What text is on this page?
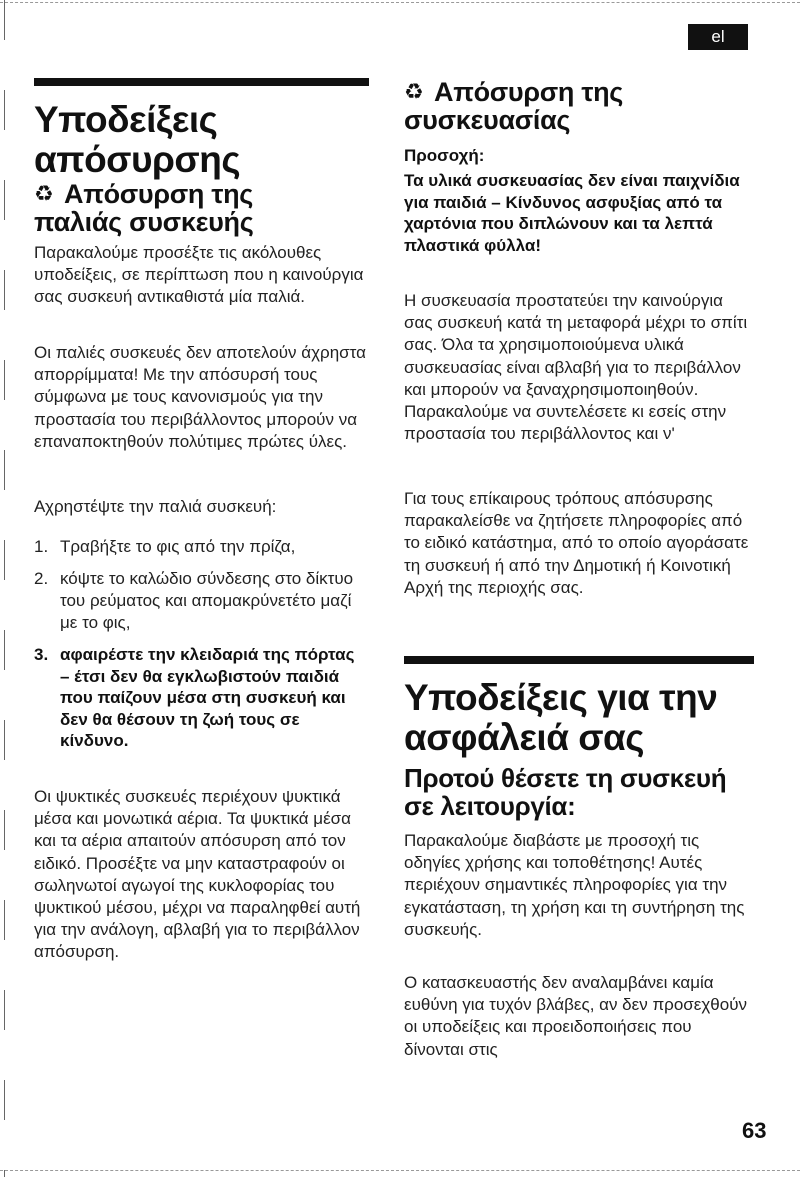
el
Υποδείξεις απόσυρσης
♻ Απόσυρση της παλιάς συσκευής

Παρακαλούμε προσέξτε τις ακόλουθες υποδείξεις, σε περίπτωση που η καινούργια σας συσκευή αντικαθιστά μία παλιά.

Οι παλιές συσκευές δεν αποτελούν άχρηστα απορρίμματα! Με την απόσυρσή τους σύμφωνα με τους κανονισμούς για την προστασία του περιβάλλοντος μπορούν να επαναποκτηθούν πολύτιμες πρώτες ύλες.

Αχρηστέψτε την παλιά συσκευή:

1. Τραβήξτε το φις από την πρίζα,
2. κόψτε το καλώδιο σύνδεσης στο δίκτυο του ρεύματος και απομακρύνετέτο μαζί με το φις,
3. αφαιρέστε την κλειδαριά της πόρτας – έτσι δεν θα εγκλωβιστούν παιδιά που παίζουν μέσα στη συσκευή και δεν θα θέσουν τη ζωή τους σε κίνδυνο.

Οι ψυκτικές συσκευές περιέχουν ψυκτικά μέσα και μονωτικά αέρια. Τα ψυκτικά μέσα και τα αέρια απαιτούν απόσυρση από τον ειδικό. Προσέξτε να μην καταστραφούν οι σωληνωτοί αγωγοί της κυκλοφορίας του ψυκτικού μέσου, μέχρι να παραληφθεί αυτή για την ανάλογη, αβλαβή για το περιβάλλον απόσυρση.

♻ Απόσυρση της συσκευασίας

Προσοχή:

Τα υλικά συσκευασίας δεν είναι παιχνίδια για παιδιά – Κίνδυνος ασφυξίας από τα χαρτόνια που διπλώνουν και τα λεπτά πλαστικά φύλλα!

Η συσκευασία προστατεύει την καινούργια σας συσκευή κατά τη μεταφορά μέχρι το σπίτι σας. Όλα τα χρησιμοποιούμενα υλικά συσκευασίας είναι αβλαβή για το περιβάλλον και μπορούν να ξαναχρησιμοποιηθούν. Παρακαλούμε να συντελέσετε κι εσείς στην προστασία του περιβάλλοντος και ν'

Για τους επίκαιρους τρόπους απόσυρσης παρακαλείσθε να ζητήσετε πληροφορίες από το ειδικό κατάστημα, από το οποίο αγοράσατε τη συσκευή ή από την Δημοτική ή Κοινοτική Αρχή της περιοχής σας.

Υποδείξεις για την ασφάλειά σας
Προτού θέσετε τη συσκευή σε λειτουργία:

Παρακαλούμε διαβάστε με προσοχή τις οδηγίες χρήσης και τοποθέτησης! Αυτές περιέχουν σημαντικές πληροφορίες για την εγκατάσταση, τη χρήση και τη συντήρηση της συσκευής.

Ο κατασκευαστής δεν αναλαμβάνει καμία ευθύνη για τυχόν βλάβες, αν δεν προσεχθούν οι υποδείξεις και προειδοποιήσεις που δίνονται στις

63
